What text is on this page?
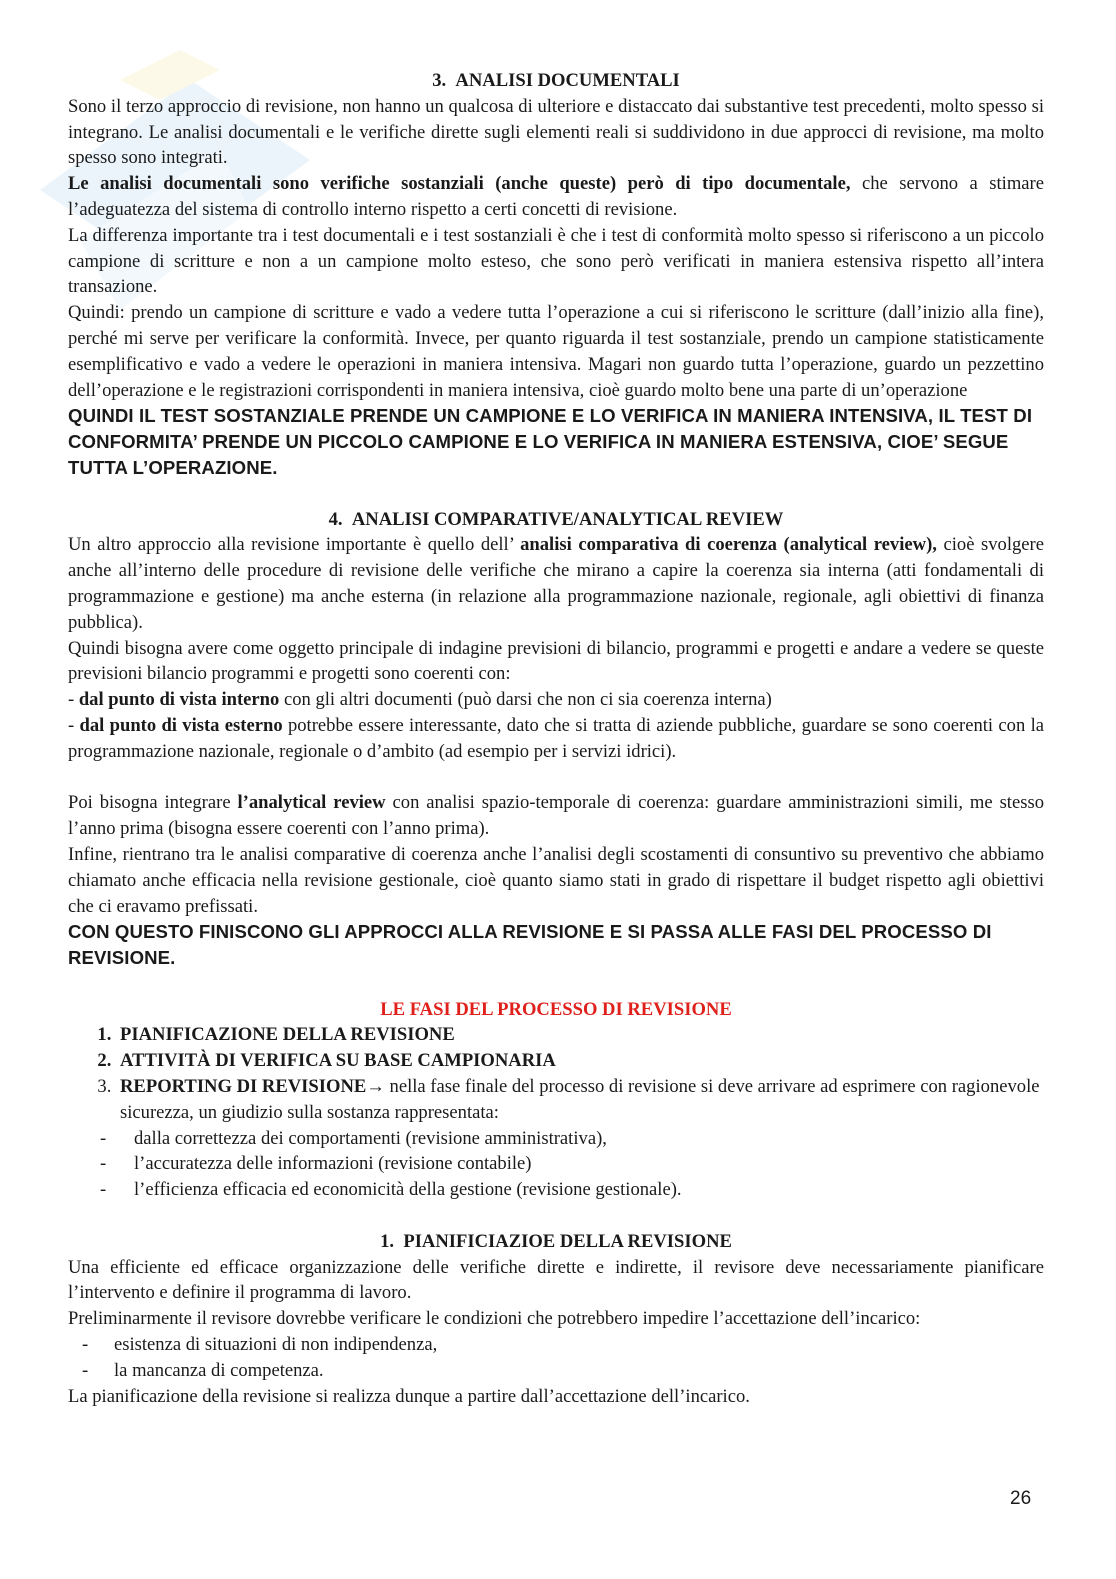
3.  ANALISI DOCUMENTALI

Sono il terzo approccio di revisione, non hanno un qualcosa di ulteriore e distaccato dai substantive test precedenti, molto spesso si integrano. Le analisi documentali e le verifiche dirette sugli elementi reali si suddividono in due approcci di revisione, ma molto spesso sono integrati.

Le analisi documentali sono verifiche sostanziali (anche queste) però di tipo documentale, che servono a stimare l’adeguatezza del sistema di controllo interno rispetto a certi concetti di revisione.

La differenza importante tra i test documentali e i test sostanziali è che i test di conformità molto spesso si riferiscono a un piccolo campione di scritture e non a un campione molto esteso, che sono però verificati in maniera estensiva rispetto all’intera transazione.

Quindi: prendo un campione di scritture e vado a vedere tutta l’operazione a cui si riferiscono le scritture (dall’inizio alla fine), perché mi serve per verificare la conformità. Invece, per quanto riguarda il test sostanziale, prendo un campione statisticamente esemplificativo e vado a vedere le operazioni in maniera intensiva. Magari non guardo tutta l’operazione, guardo un pezzettino dell’operazione e le registrazioni corrispondenti in maniera intensiva, cioè guardo molto bene una parte di un’operazione

QUINDI IL TEST SOSTANZIALE PRENDE UN CAMPIONE E LO VERIFICA IN MANIERA INTENSIVA, IL TEST DI CONFORMITA’ PRENDE UN PICCOLO CAMPIONE E LO VERIFICA IN MANIERA ESTENSIVA, CIOE’ SEGUE TUTTA L’OPERAZIONE.

4.  ANALISI COMPARATIVE/ANALYTICAL REVIEW

Un altro approccio alla revisione importante è quello dell’ analisi comparativa di coerenza (analytical review), cioè svolgere anche all’interno delle procedure di revisione delle verifiche che mirano a capire la coerenza sia interna (atti fondamentali di programmazione e gestione) ma anche esterna (in relazione alla programmazione nazionale, regionale, agli obiettivi di finanza pubblica).

Quindi bisogna avere come oggetto principale di indagine previsioni di bilancio, programmi e progetti e andare a vedere se queste previsioni bilancio programmi e progetti sono coerenti con:

- dal punto di vista interno con gli altri documenti (può darsi che non ci sia coerenza interna)

- dal punto di vista esterno potrebbe essere interessante, dato che si tratta di aziende pubbliche, guardare se sono coerenti con la programmazione nazionale, regionale o d’ambito (ad esempio per i servizi idrici).

Poi bisogna integrare l’analytical review con analisi spazio-temporale di coerenza: guardare amministrazioni simili, me stesso l’anno prima (bisogna essere coerenti con l’anno prima).

Infine, rientrano tra le analisi comparative di coerenza anche l’analisi degli scostamenti di consuntivo su preventivo che abbiamo chiamato anche efficacia nella revisione gestionale, cioè quanto siamo stati in grado di rispettare il budget rispetto agli obiettivi che ci eravamo prefissati.

CON QUESTO FINISCONO GLI APPROCCI ALLA REVISIONE E SI PASSA ALLE FASI DEL PROCESSO DI REVISIONE.

LE FASI DEL PROCESSO DI REVISIONE
1. PIANIFICAZIONE DELLA REVISIONE
2. ATTIVITÀ DI VERIFICA SU BASE CAMPIONARIA
3. REPORTING DI REVISIONE→ nella fase finale del processo di revisione si deve arrivare ad esprimere con ragionevole sicurezza, un giudizio sulla sostanza rappresentata:
- dalla correttezza dei comportamenti (revisione amministrativa),
- l’accuratezza delle informazioni (revisione contabile)
- l’efficienza efficacia ed economicità della gestione (revisione gestionale).
1.  PIANIFICIAZIOE DELLA REVISIONE

Una efficiente ed efficace organizzazione delle verifiche dirette e indirette, il revisore deve necessariamente pianificare l’intervento e definire il programma di lavoro.

Preliminarmente il revisore dovrebbe verificare le condizioni che potrebbero impedire l’accettazione dell’incarico:

- esistenza di situazioni di non indipendenza,
- la mancanza di competenza.

La pianificazione della revisione si realizza dunque a partire dall’accettazione dell’incarico.

26
